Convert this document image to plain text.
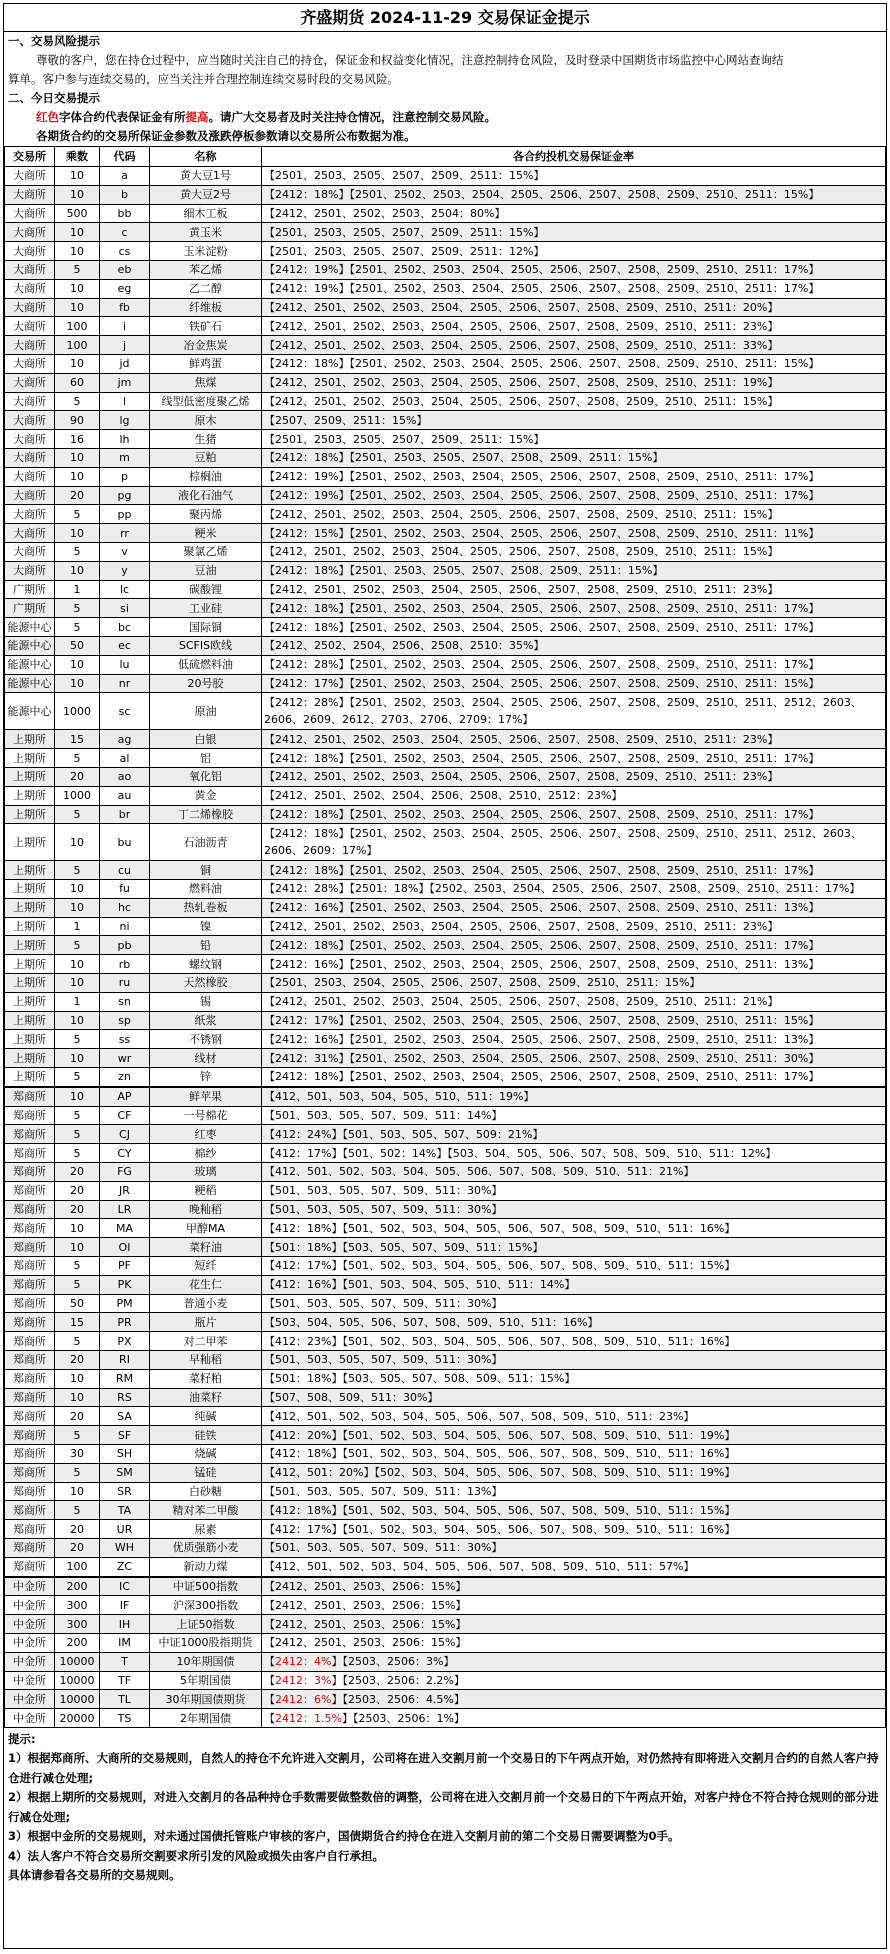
齐盛期货 2024-11-29 交易保证金提示
一、交易风险提示
尊敬的客户，您在持仓过程中，应当随时关注自己的持仓，保证金和权益变化情况，注意控制持仓风险，及时登录中国期货市场监控中心网站查询结
算单。客户参与连续交易的，应当关注并合理控制连续交易时段的交易风险。
二、今日交易提示
红色字体合约代表保证金有所提高。请广大交易者及时关注持仓情况，注意控制交易风险。
各期货合约的交易所保证金参数及涨跌停板参数请以交易所公布数据为准。
交易所	乘数	代码	名称	各合约投机交易保证金率
大商所	10	a	黄大豆1号	【2501、2503、2505、2507、2509、2511：15%】
大商所	10	b	黄大豆2号	【2412：18%】【2501、2502、2503、2504、2505、2506、2507、2508、2509、2510、2511：15%】
大商所	500	bb	细木工板	【2412、2501、2502、2503、2504：80%】
大商所	10	c	黄玉米	【2501、2503、2505、2507、2509、2511：15%】
大商所	10	cs	玉米淀粉	【2501、2503、2505、2507、2509、2511：12%】
大商所	5	eb	苯乙烯	【2412：19%】【2501、2502、2503、2504、2505、2506、2507、2508、2509、2510、2511：17%】
大商所	10	eg	乙二醇	【2412：19%】【2501、2502、2503、2504、2505、2506、2507、2508、2509、2510、2511：17%】
大商所	10	fb	纤维板	【2412、2501、2502、2503、2504、2505、2506、2507、2508、2509、2510、2511：20%】
大商所	100	i	铁矿石	【2412、2501、2502、2503、2504、2505、2506、2507、2508、2509、2510、2511：23%】
大商所	100	j	冶金焦炭	【2412、2501、2502、2503、2504、2505、2506、2507、2508、2509、2510、2511：33%】
大商所	10	jd	鲜鸡蛋	【2412：18%】【2501、2502、2503、2504、2505、2506、2507、2508、2509、2510、2511：15%】
大商所	60	jm	焦煤	【2412、2501、2502、2503、2504、2505、2506、2507、2508、2509、2510、2511：19%】
大商所	5	l	线型低密度聚乙烯	【2412、2501、2502、2503、2504、2505、2506、2507、2508、2509、2510、2511：15%】
大商所	90	lg	原木	【2507、2509、2511：15%】
大商所	16	lh	生猪	【2501、2503、2505、2507、2509、2511：15%】
大商所	10	m	豆粕	【2412：18%】【2501、2503、2505、2507、2508、2509、2511：15%】
大商所	10	p	棕榈油	【2412：19%】【2501、2502、2503、2504、2505、2506、2507、2508、2509、2510、2511：17%】
大商所	20	pg	液化石油气	【2412：19%】【2501、2502、2503、2504、2505、2506、2507、2508、2509、2510、2511：17%】
大商所	5	pp	聚丙烯	【2412、2501、2502、2503、2504、2505、2506、2507、2508、2509、2510、2511：15%】
大商所	10	rr	粳米	【2412：15%】【2501、2502、2503、2504、2505、2506、2507、2508、2509、2510、2511：11%】
大商所	5	v	聚氯乙烯	【2412、2501、2502、2503、2504、2505、2506、2507、2508、2509、2510、2511：15%】
大商所	10	y	豆油	【2412：18%】【2501、2503、2505、2507、2508、2509、2511：15%】
广期所	1	lc	碳酸锂	【2412、2501、2502、2503、2504、2505、2506、2507、2508、2509、2510、2511：23%】
广期所	5	si	工业硅	【2412：18%】【2501、2502、2503、2504、2505、2506、2507、2508、2509、2510、2511：17%】
能源中心	5	bc	国际铜	【2412：18%】【2501、2502、2503、2504、2505、2506、2507、2508、2509、2510、2511：17%】
能源中心	50	ec	SCFIS欧线	【2412、2502、2504、2506、2508、2510：35%】
能源中心	10	lu	低硫燃料油	【2412：28%】【2501、2502、2503、2504、2505、2506、2507、2508、2509、2510、2511：17%】
能源中心	10	nr	20号胶	【2412：17%】【2501、2502、2503、2504、2505、2506、2507、2508、2509、2510、2511：15%】
能源中心	1000	sc	原油	【2412：28%】【2501、2502、2503、2504、2505、2506、2507、2508、2509、2510、2511、2512、2603、2606、2609、2612、2703、2706、2709：17%】
上期所	15	ag	白银	【2412、2501、2502、2503、2504、2505、2506、2507、2508、2509、2510、2511：23%】
上期所	5	al	铝	【2412：18%】【2501、2502、2503、2504、2505、2506、2507、2508、2509、2510、2511：17%】
上期所	20	ao	氧化铝	【2412、2501、2502、2503、2504、2505、2506、2507、2508、2509、2510、2511：23%】
上期所	1000	au	黄金	【2412、2501、2502、2504、2506、2508、2510、2512：23%】
上期所	5	br	丁二烯橡胶	【2412：18%】【2501、2502、2503、2504、2505、2506、2507、2508、2509、2510、2511：17%】
上期所	10	bu	石油沥青	【2412：18%】【2501、2502、2503、2504、2505、2506、2507、2508、2509、2510、2511、2512、2603、2606、2609：17%】
上期所	5	cu	铜	【2412：18%】【2501、2502、2503、2504、2505、2506、2507、2508、2509、2510、2511：17%】
上期所	10	fu	燃料油	【2412：28%】【2501：18%】【2502、2503、2504、2505、2506、2507、2508、2509、2510、2511：17%】
上期所	10	hc	热轧卷板	【2412：16%】【2501、2502、2503、2504、2505、2506、2507、2508、2509、2510、2511：13%】
上期所	1	ni	镍	【2412、2501、2502、2503、2504、2505、2506、2507、2508、2509、2510、2511：23%】
上期所	5	pb	铅	【2412：18%】【2501、2502、2503、2504、2505、2506、2507、2508、2509、2510、2511：17%】
上期所	10	rb	螺纹钢	【2412：16%】【2501、2502、2503、2504、2505、2506、2507、2508、2509、2510、2511：13%】
上期所	10	ru	天然橡胶	【2501、2503、2504、2505、2506、2507、2508、2509、2510、2511：15%】
上期所	1	sn	锡	【2412、2501、2502、2503、2504、2505、2506、2507、2508、2509、2510、2511：21%】
上期所	10	sp	纸浆	【2412：17%】【2501、2502、2503、2504、2505、2506、2507、2508、2509、2510、2511：15%】
上期所	5	ss	不锈钢	【2412：16%】【2501、2502、2503、2504、2505、2506、2507、2508、2509、2510、2511：13%】
上期所	10	wr	线材	【2412：31%】【2501、2502、2503、2504、2505、2506、2507、2508、2509、2510、2511：30%】
上期所	5	zn	锌	【2412：18%】【2501、2502、2503、2504、2505、2506、2507、2508、2509、2510、2511：17%】
郑商所	10	AP	鲜苹果	【412、501、503、504、505、510、511：19%】
郑商所	5	CF	一号棉花	【501、503、505、507、509、511：14%】
郑商所	5	CJ	红枣	【412：24%】【501、503、505、507、509：21%】
郑商所	5	CY	棉纱	【412：17%】【501、502：14%】【503、504、505、506、507、508、509、510、511：12%】
郑商所	20	FG	玻璃	【412、501、502、503、504、505、506、507、508、509、510、511：21%】
郑商所	20	JR	粳稻	【501、503、505、507、509、511：30%】
郑商所	20	LR	晚籼稻	【501、503、505、507、509、511：30%】
郑商所	10	MA	甲醇MA	【412：18%】【501、502、503、504、505、506、507、508、509、510、511：16%】
郑商所	10	OI	菜籽油	【501：18%】【503、505、507、509、511：15%】
郑商所	5	PF	短纤	【412：17%】【501、502、503、504、505、506、507、508、509、510、511：15%】
郑商所	5	PK	花生仁	【412：16%】【501、503、504、505、510、511：14%】
郑商所	50	PM	普通小麦	【501、503、505、507、509、511：30%】
郑商所	15	PR	瓶片	【503、504、505、506、507、508、509、510、511：16%】
郑商所	5	PX	对二甲苯	【412：23%】【501、502、503、504、505、506、507、508、509、510、511：16%】
郑商所	20	RI	早籼稻	【501、503、505、507、509、511：30%】
郑商所	10	RM	菜籽粕	【501：18%】【503、505、507、508、509、511：15%】
郑商所	10	RS	油菜籽	【507、508、509、511：30%】
郑商所	20	SA	纯碱	【412、501、502、503、504、505、506、507、508、509、510、511：23%】
郑商所	5	SF	硅铁	【412：20%】【501、502、503、504、505、506、507、508、509、510、511：19%】
郑商所	30	SH	烧碱	【412：18%】【501、502、503、504、505、506、507、508、509、510、511：16%】
郑商所	5	SM	锰硅	【412、501：20%】【502、503、504、505、506、507、508、509、510、511：19%】
郑商所	10	SR	白砂糖	【501、503、505、507、509、511：13%】
郑商所	5	TA	精对苯二甲酸	【412：18%】【501、502、503、504、505、506、507、508、509、510、511：15%】
郑商所	20	UR	尿素	【412：17%】【501、502、503、504、505、506、507、508、509、510、511：16%】
郑商所	20	WH	优质强筋小麦	【501、503、505、507、509、511：30%】
郑商所	100	ZC	新动力煤	【412、501、502、503、504、505、506、507、508、509、510、511：57%】
中金所	200	IC	中证500指数	【2412、2501、2503、2506：15%】
中金所	300	IF	沪深300指数	【2412、2501、2503、2506：15%】
中金所	300	IH	上证50指数	【2412、2501、2503、2506：15%】
中金所	200	IM	中证1000股指期货	【2412、2501、2503、2506：15%】
中金所	10000	T	10年期国债	【2412：4%】【2503、2506：3%】
中金所	10000	TF	5年期国债	【2412：3%】【2503、2506：2.2%】
中金所	10000	TL	30年期国债期货	【2412：6%】【2503、2506：4.5%】
中金所	20000	TS	2年期国债	【2412：1.5%】【2503、2506：1%】
提示:
1）根据郑商所、大商所的交易规则，自然人的持仓不允许进入交割月，公司将在进入交割月前一个交易日的下午两点开始，对仍然持有即将进入交割月合约的自然人客户持仓进行减仓处理;
2）根据上期所的交易规则，对进入交割月的各品种持仓手数需要做整数倍的调整，公司将在进入交割月前一个交易日的下午两点开始，对客户持仓不符合持仓规则的部分进行减仓处理;
3）根据中金所的交易规则，对未通过国债托管账户审核的客户，国债期货合约持仓在进入交割月前的第二个交易日需要调整为0手。
4）法人客户不符合交易所交割要求所引发的风险或损失由客户自行承担。
具体请参看各交易所的交易规则。
